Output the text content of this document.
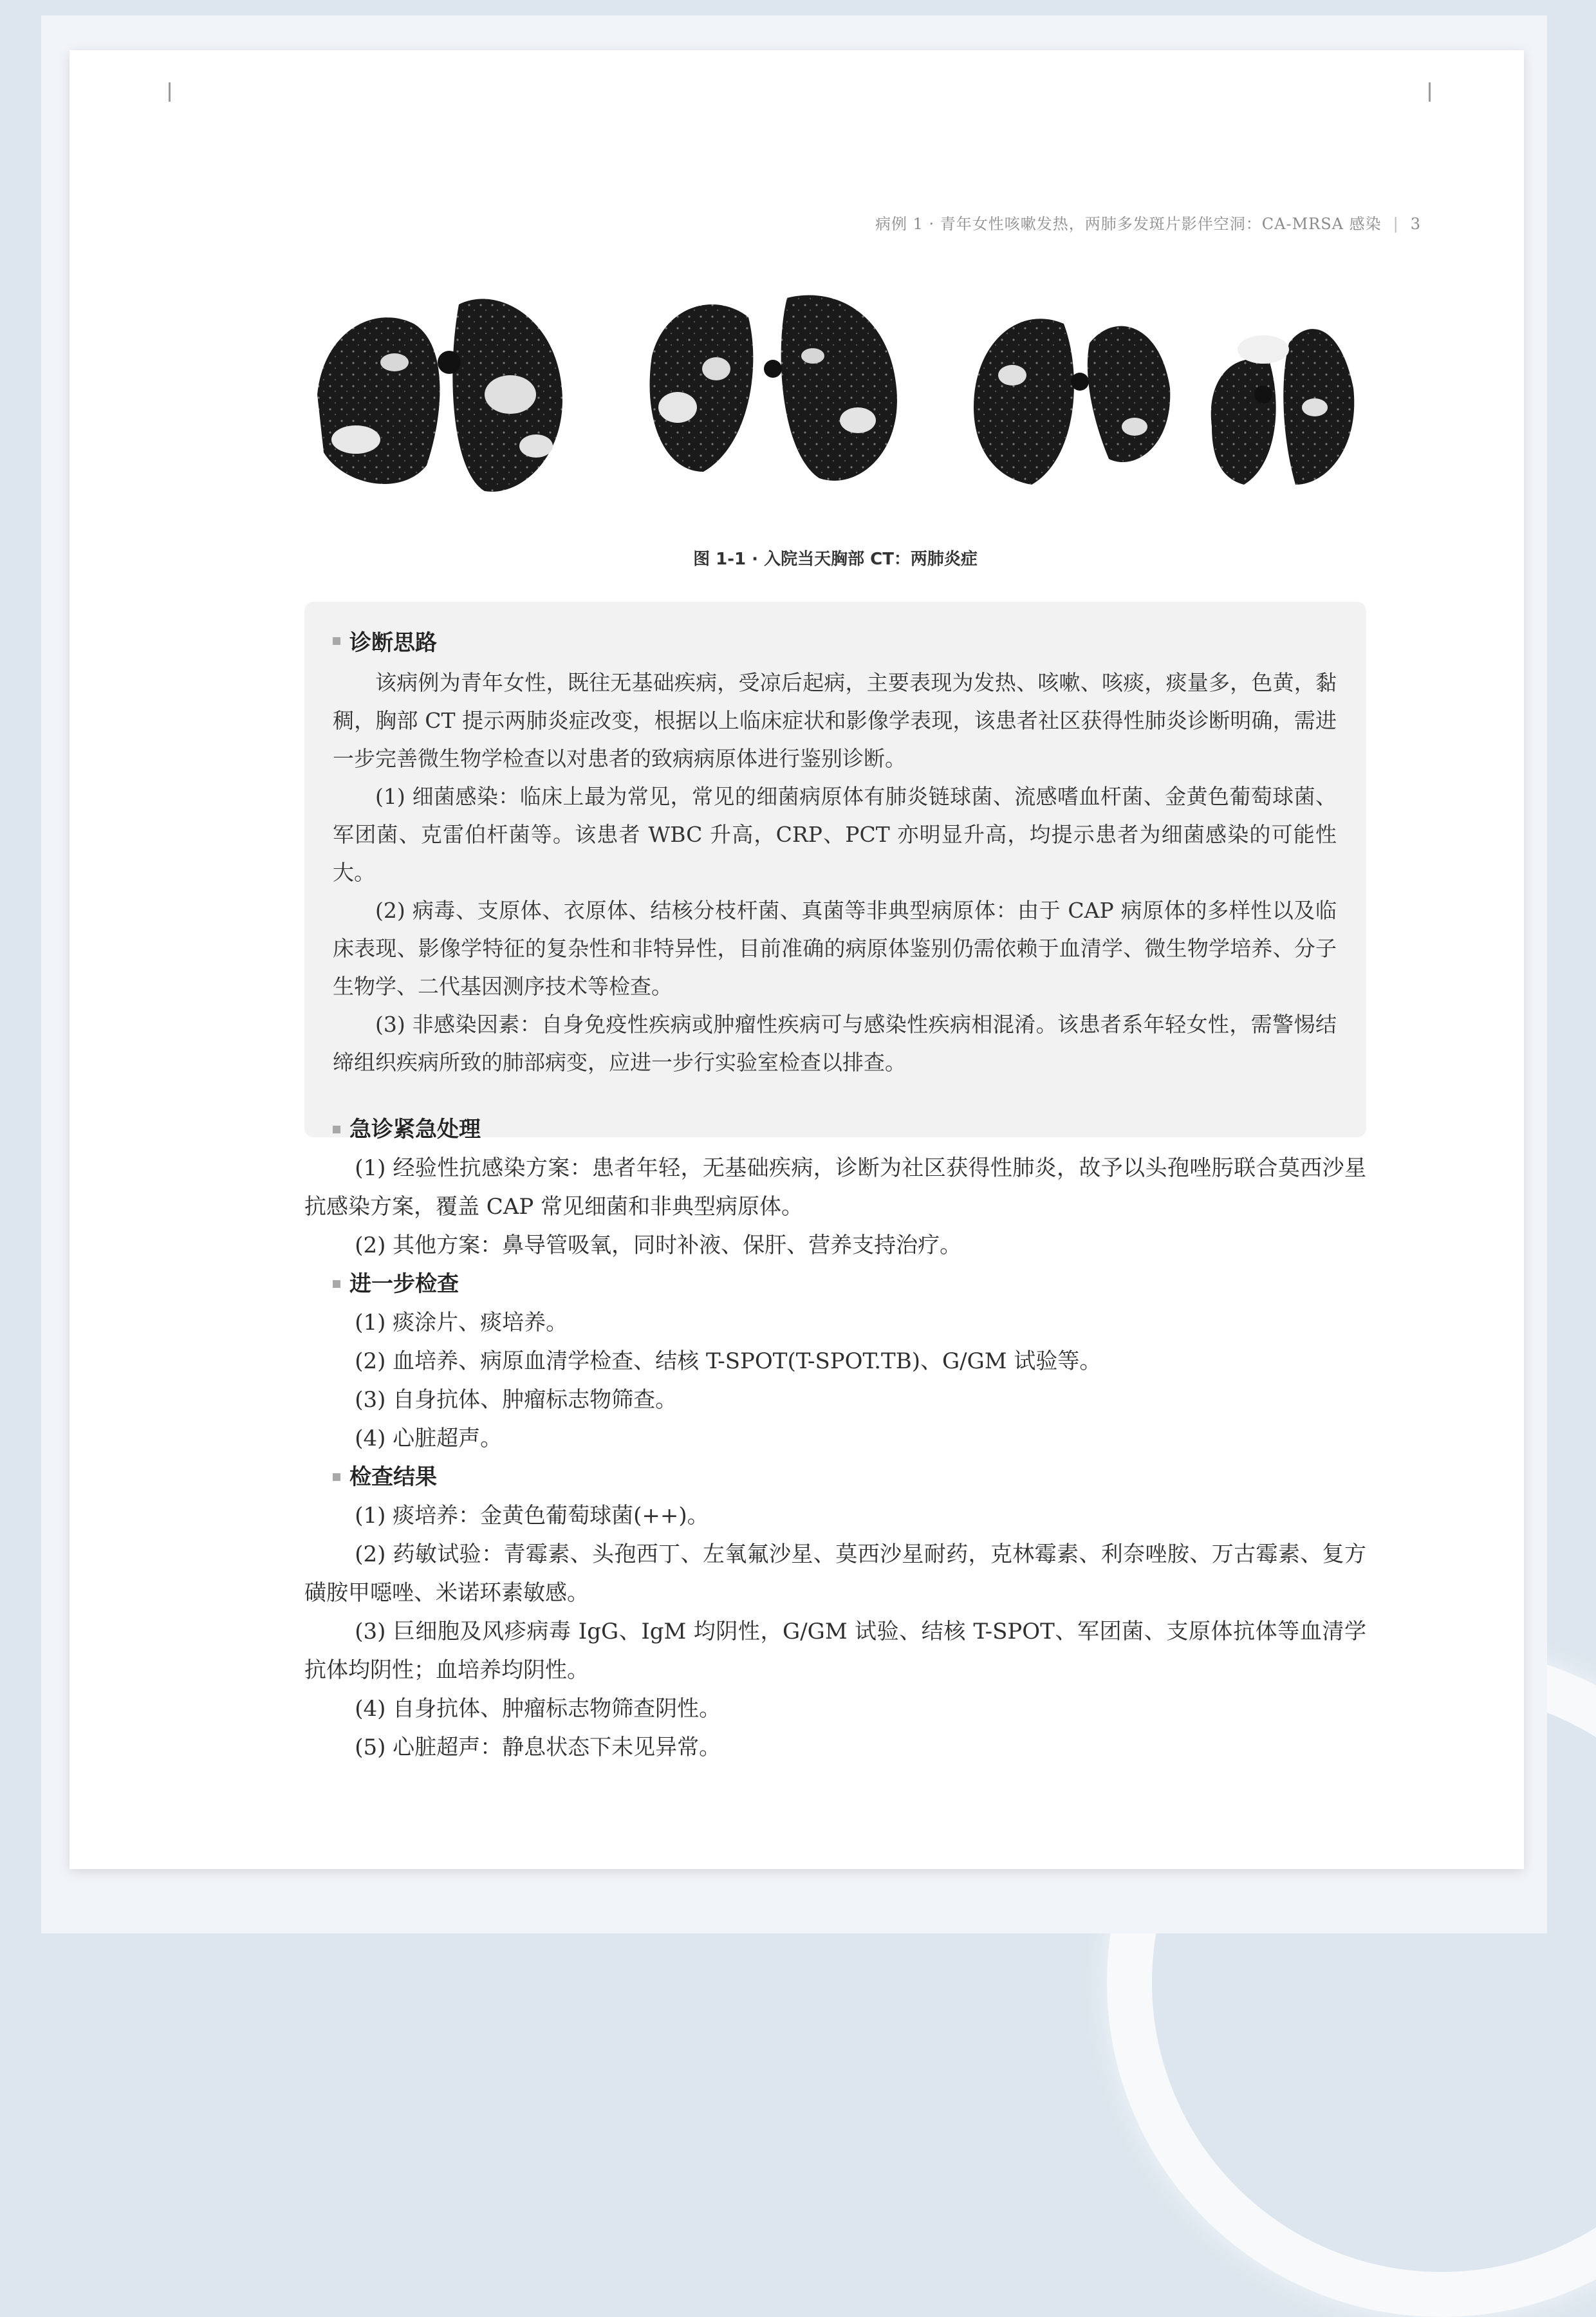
病例 1 · 青年女性咳嗽发热，两肺多发斑片影伴空洞：CA-MRSA 感染 | 3
图 1-1 · 入院当天胸部 CT：两肺炎症
诊断思路

该病例为青年女性，既往无基础疾病，受凉后起病，主要表现为发热、咳嗽、咳痰，痰量多，色黄，黏稠，胸部 CT 提示两肺炎症改变，根据以上临床症状和影像学表现，该患者社区获得性肺炎诊断明确，需进一步完善微生物学检查以对患者的致病病原体进行鉴别诊断。

(1) 细菌感染：临床上最为常见，常见的细菌病原体有肺炎链球菌、流感嗜血杆菌、金黄色葡萄球菌、军团菌、克雷伯杆菌等。该患者 WBC 升高，CRP、PCT 亦明显升高，均提示患者为细菌感染的可能性大。

(2) 病毒、支原体、衣原体、结核分枝杆菌、真菌等非典型病原体：由于 CAP 病原体的多样性以及临床表现、影像学特征的复杂性和非特异性，目前准确的病原体鉴别仍需依赖于血清学、微生物学培养、分子生物学、二代基因测序技术等检查。

(3) 非感染因素：自身免疫性疾病或肿瘤性疾病可与感染性疾病相混淆。该患者系年轻女性，需警惕结缔组织疾病所致的肺部病变，应进一步行实验室检查以排查。

急诊紧急处理

(1) 经验性抗感染方案：患者年轻，无基础疾病，诊断为社区获得性肺炎，故予以头孢唑肟联合莫西沙星抗感染方案，覆盖 CAP 常见细菌和非典型病原体。

(2) 其他方案：鼻导管吸氧，同时补液、保肝、营养支持治疗。

进一步检查

(1) 痰涂片、痰培养。

(2) 血培养、病原血清学检查、结核 T-SPOT(T-SPOT.TB)、G/GM 试验等。

(3) 自身抗体、肿瘤标志物筛查。

(4) 心脏超声。

检查结果

(1) 痰培养：金黄色葡萄球菌(++)。

(2) 药敏试验：青霉素、头孢西丁、左氧氟沙星、莫西沙星耐药，克林霉素、利奈唑胺、万古霉素、复方磺胺甲噁唑、米诺环素敏感。

(3) 巨细胞及风疹病毒 IgG、IgM 均阴性，G/GM 试验、结核 T-SPOT、军团菌、支原体抗体等血清学抗体均阴性；血培养均阴性。

(4) 自身抗体、肿瘤标志物筛查阴性。

(5) 心脏超声：静息状态下未见异常。
